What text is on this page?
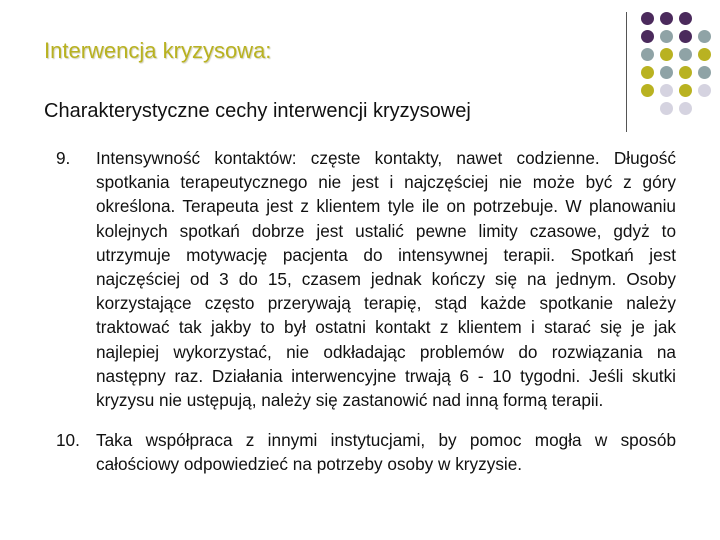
Interwencja kryzysowa:
Charakterystyczne cechy interwencji kryzysowej
9.	Intensywność kontaktów: częste kontakty, nawet codzienne. Długość spotkania terapeutycznego nie jest i najczęściej nie może być z góry określona. Terapeuta jest z klientem tyle ile on potrzebuje. W planowaniu kolejnych spotkań dobrze jest ustalić pewne limity czasowe, gdyż to utrzymuje motywację pacjenta do intensywnej terapii. Spotkań jest najczęściej od 3 do 15, czasem jednak kończy się na jednym. Osoby korzystające często przerywają terapię, stąd każde spotkanie należy traktować tak jakby to był ostatni kontakt z klientem i starać się je jak najlepiej wykorzystać, nie odkładając problemów do rozwiązania na następny raz. Działania interwencyjne trwają 6 - 10 tygodni. Jeśli skutki kryzysu nie ustępują, należy się zastanowić nad inną formą terapii.
10. Taka współpraca z innymi instytucjami, by pomoc mogła w sposób całościowy odpowiedzieć na potrzeby osoby w kryzysie.
